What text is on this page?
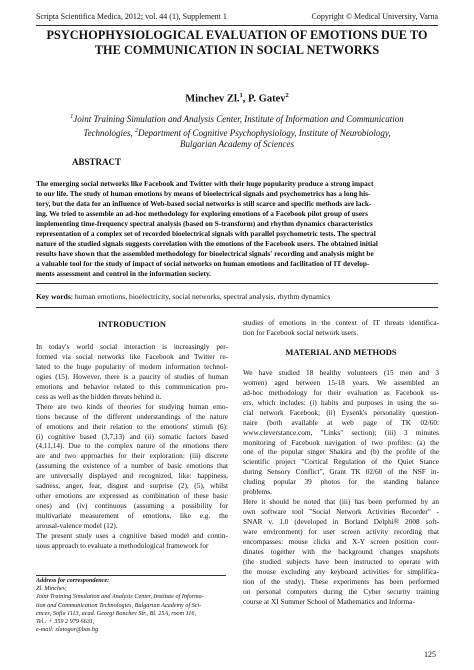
Scripta Scientifica Medica, 2012; vol. 44 (1), Supplement 1	Copyright © Medical University, Varna
PSYCHOPHYSIOLOGICAL EVALUATION OF EMOTIONS DUE TO
THE COMMUNICATION IN SOCIAL NETWORKS
Minchev Zl.$^1$, P. Gatev$^2$
$^1$Joint Training Simulation and Analysis Center, Institute of Information and Communication
Technologies, $^2$Department of Cognitive Psychophysiology, Institute of Neurobiology,
Bulgarian Academy of Sciences
ABSTRACT
The emerging social networks like Facebook and Twitter with their huge popularity produce a strong impact
to our life. The study of human emotions by means of bioelectrical signals and psychometrics has a long his-
tory, but the data for an influence of Web-based social networks is still scarce and specific methods are lack-
ing. We tried to assemble an ad-hoc methodology for exploring emotions of a Facebook pilot group of users
implementing time-frequency spectral analysis (based on S-transform) and rhythm dynamics characteristics
representation of a complex set of recorded bioelectrical signals with parallel psychometric tests. The spectral
nature of the studied signals suggests correlation with the emotions of the Facebook users. The obtained initial
results have shown that the assembled methodology for bioelectrical signals' recording and analysis might be
a valuable tool for the study of impact of social networks on human emotions and facilitation of IT develop-
ments assessment and control in the information society.
Key words: human emotions, bioelectricity, social networks, spectral analysis, rhythm dynamics
INTRODUCTION
In today's world social interaction is increasingly per-
formed via social networks like Facebook and Twitter re-
lated to the huge popularity of modern information technol-
ogies (15). However, there is a paucity of studies of human
emotions and behavior related to this communication pro-
cess as well as the hidden threats behind it.
There are two kinds of theories for studying human emo-
tions because of the different understandings of the nature
of emotions and their relation to the emotions' stimuli (6):
(i) cognitive based (3,7,13) and (ii) somatic factors based
(4,11,14). Due to the complex nature of the emotions there
are and two approaches for their exploration: (iii) discrete
(assuming the existence of a number of basic emotions that
are universally displayed and recognized, like: happiness,
sadness, anger, fear, disgust and surprise (2), (5), whilst
other emotions are expressed as combination of these basic
ones) and (iv) continuous (assuming a possibility for
multivariate measurement of emotions, like e.g. the
arousal-valence model (12).
The present study uses a cognitive based model and contin-
uous approach to evaluate a methodological framework for
studies of emotions in the context of IT threats identifica-
tion for Facebook social network users.
MATERIAL AND METHODS
We have studied 18 healthy volunteers (15 men and 3
women) aged between 15-18 years. We assembled an
ad-hoc methodology for their evaluation as Facebook us-
ers, which includes: (i) habits and purposes in using the so-
cial network Facebook; (ii) Eysenk's personality question-
naire (both available at web page of TK 02/60:
www.cleverstance.com, "Links" section); (iii) 3 minutes
monitoring of Facebook navigation of two profiles: (a) the
one of the popular singer Shakira and (b) the profile of the
scientific project "Cortical Regulation of the Quiet Stance
during Sensory Conflict", Grant TK 02/60 of the NSF in-
cluding popular 39 photos for the standing balance
problems.
Here it should be noted that (iii) has been performed by an
own software tool "Social Network Activities Recorder" -
SNAR v. 1.0 (developed in Borland Delphi® 2008 soft-
ware environment) for user screen activity recording that
encompasses: mouse clicks and X-Y screen position coor-
dinates together with the background changes snapshots
(the studied subjects have been instructed to operate with
the mouse excluding any keyboard activities for simplifica-
tion of the study). These experiments has been performed
on personal computers during the Cyber security training
course at XI Summer School of Mathematics and Informa-
Address for correspondence:
Zl. Minchev,
Joint Training Simulation and Analysis Center, Institute of Informa-
tion and Communication Technologies, Bulgarian Academy of Sci-
ences, Sofia 1113, acad. Georgi Bonchev Str., Bl. 25A, room 116,
Tel.: + 359 2 979 6631,
e-mail: zlatogor@bas.bg
125
